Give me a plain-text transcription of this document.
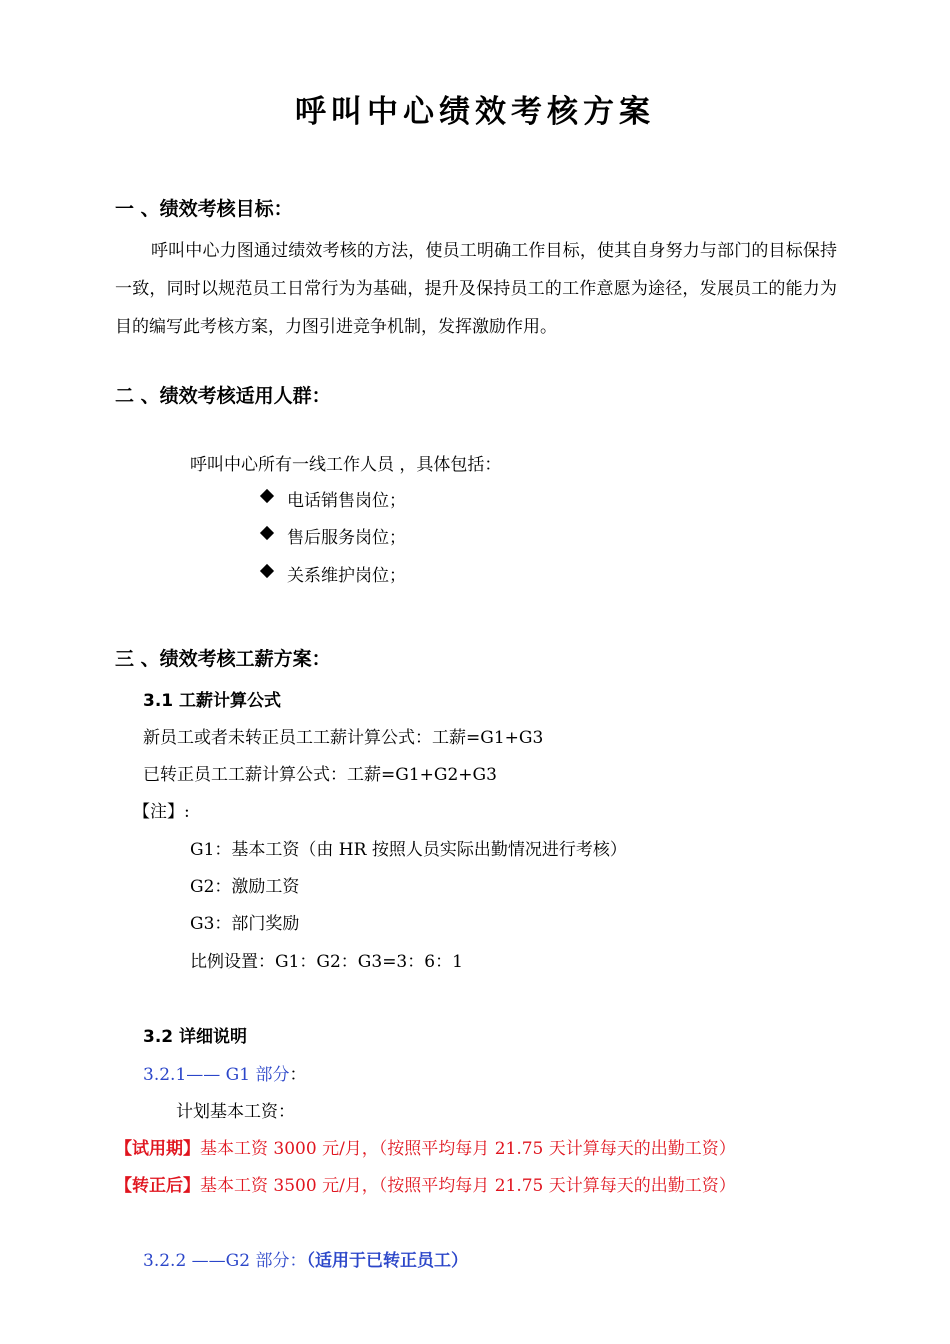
呼叫中心绩效考核方案
一 、绩效考核目标：
呼叫中心力图通过绩效考核的方法，使员工明确工作目标，使其自身努力与部门的目标保持一致，同时以规范员工日常行为为基础，提升及保持员工的工作意愿为途径，发展员工的能力为目的编写此考核方案，力图引进竞争机制，发挥激励作用。
二 、绩效考核适用人群：
呼叫中心所有一线工作人员 ，具体包括：
电话销售岗位；
售后服务岗位；
关系维护岗位；
三 、绩效考核工薪方案：
3.1 工薪计算公式
新员工或者未转正员工工薪计算公式：工薪=G1+G3
已转正员工工薪计算公式：工薪=G1+G2+G3
【注】:
G1：基本工资（由 HR 按照人员实际出勤情况进行考核）
G2：激励工资
G3：部门奖励
比例设置：G1：G2：G3=3：6：1
3.2 详细说明
3.2.1—— G1 部分：
计划基本工资：
【试用期】基本工资 3000 元/月，（按照平均每月 21.75 天计算每天的出勤工资）
【转正后】基本工资 3500 元/月，（按照平均每月 21.75 天计算每天的出勤工资）
3.2.2 ——G2 部分：（适用于已转正员工）
